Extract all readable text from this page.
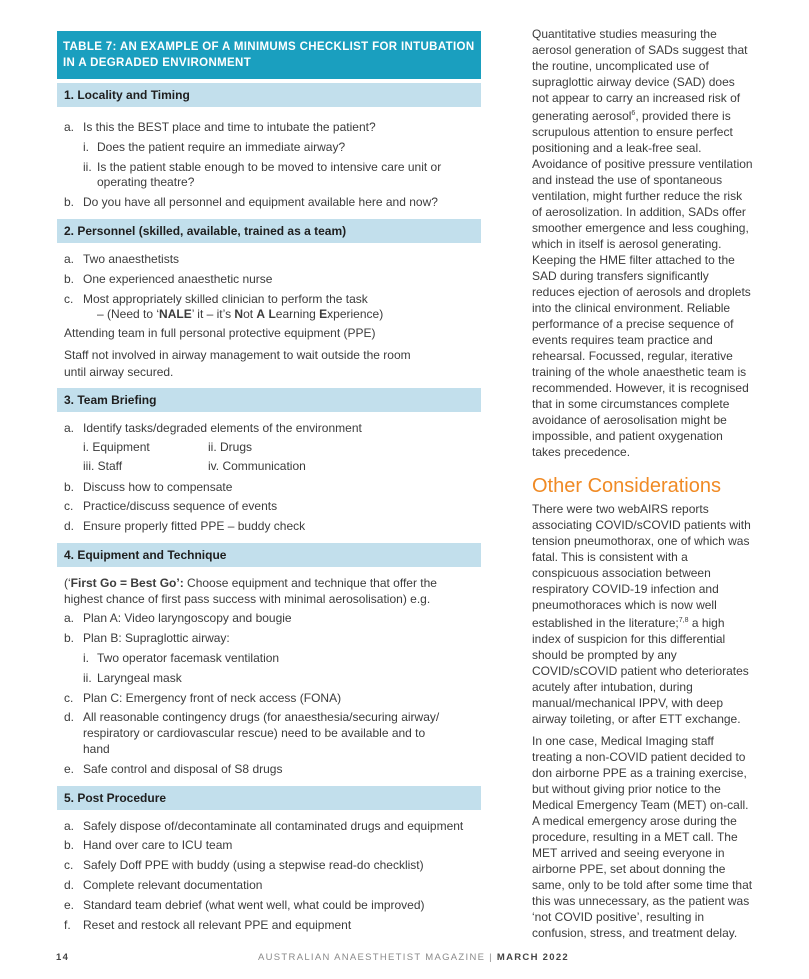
TABLE 7: AN EXAMPLE OF A MINIMUMS CHECKLIST FOR INTUBATION IN A DEGRADED ENVIRONMENT
1. Locality and Timing
a. Is this the BEST place and time to intubate the patient?
i. Does the patient require an immediate airway?
ii. Is the patient stable enough to be moved to intensive care unit or operating theatre?
b. Do you have all personnel and equipment available here and now?
2. Personnel (skilled, available, trained as a team)
a. Two anaesthetists
b. One experienced anaesthetic nurse
c. Most appropriately skilled clinician to perform the task
– (Need to ‘NALE’ it – it’s Not A Learning Experience)
Attending team in full personal protective equipment (PPE)
Staff not involved in airway management to wait outside the room until airway secured.
3. Team Briefing
a. Identify tasks/degraded elements of the environment
i. Equipment	ii. Drugs
iii. Staff	iv. Communication
b. Discuss how to compensate
c. Practice/discuss sequence of events
d. Ensure properly fitted PPE – buddy check
4. Equipment and Technique
(‘First Go = Best Go’: Choose equipment and technique that offer the highest chance of first pass success with minimal aerosolisation) e.g.
a. Plan A: Video laryngoscopy and bougie
b. Plan B: Supraglottic airway:
i. Two operator facemask ventilation
ii. Laryngeal mask
c. Plan C: Emergency front of neck access (FONA)
d. All reasonable contingency drugs (for anaesthesia/securing airway/ respiratory or cardiovascular rescue) need to be available and to hand
e. Safe control and disposal of S8 drugs
5. Post Procedure
a. Safely dispose of/decontaminate all contaminated drugs and equipment
b. Hand over care to ICU team
c. Safely Doff PPE with buddy (using a stepwise read-do checklist)
d. Complete relevant documentation
e. Standard team debrief (what went well, what could be improved)
f. Reset and restock all relevant PPE and equipment
Quantitative studies measuring the aerosol generation of SADs suggest that the routine, uncomplicated use of supraglottic airway device (SAD) does not appear to carry an increased risk of generating aerosol$^6$, provided there is scrupulous attention to ensure perfect positioning and a leak-free seal. Avoidance of positive pressure ventilation and instead the use of spontaneous ventilation, might further reduce the risk of aerosolization. In addition, SADs offer smoother emergence and less coughing, which in itself is aerosol generating. Keeping the HME filter attached to the SAD during transfers significantly reduces ejection of aerosols and droplets into the clinical environment. Reliable performance of a precise sequence of events requires team practice and rehearsal. Focussed, regular, iterative training of the whole anaesthetic team is recommended. However, it is recognised that in some circumstances complete avoidance of aerosolisation might be impossible, and patient oxygenation takes precedence.
Other Considerations
There were two webAIRS reports associating COVID/sCOVID patients with tension pneumothorax, one of which was fatal. This is consistent with a conspicuous association between respiratory COVID-19 infection and pneumothoraces which is now well established in the literature;$^{7,8}$ a high index of suspicion for this differential should be prompted by any COVID/sCOVID patient who deteriorates acutely after intubation, during manual/mechanical IPPV, with deep airway toileting, or after ETT exchange.
In one case, Medical Imaging staff treating a non-COVID patient decided to don airborne PPE as a training exercise, but without giving prior notice to the Medical Emergency Team (MET) on-call. A medical emergency arose during the procedure, resulting in a MET call. The MET arrived and seeing everyone in airborne PPE, set about donning the same, only to be told after some time that this was unnecessary, as the patient was ‘not COVID positive’, resulting in confusion, stress, and treatment delay.
14	AUSTRALIAN ANAESTHETIST MAGAZINE | MARCH 2022
